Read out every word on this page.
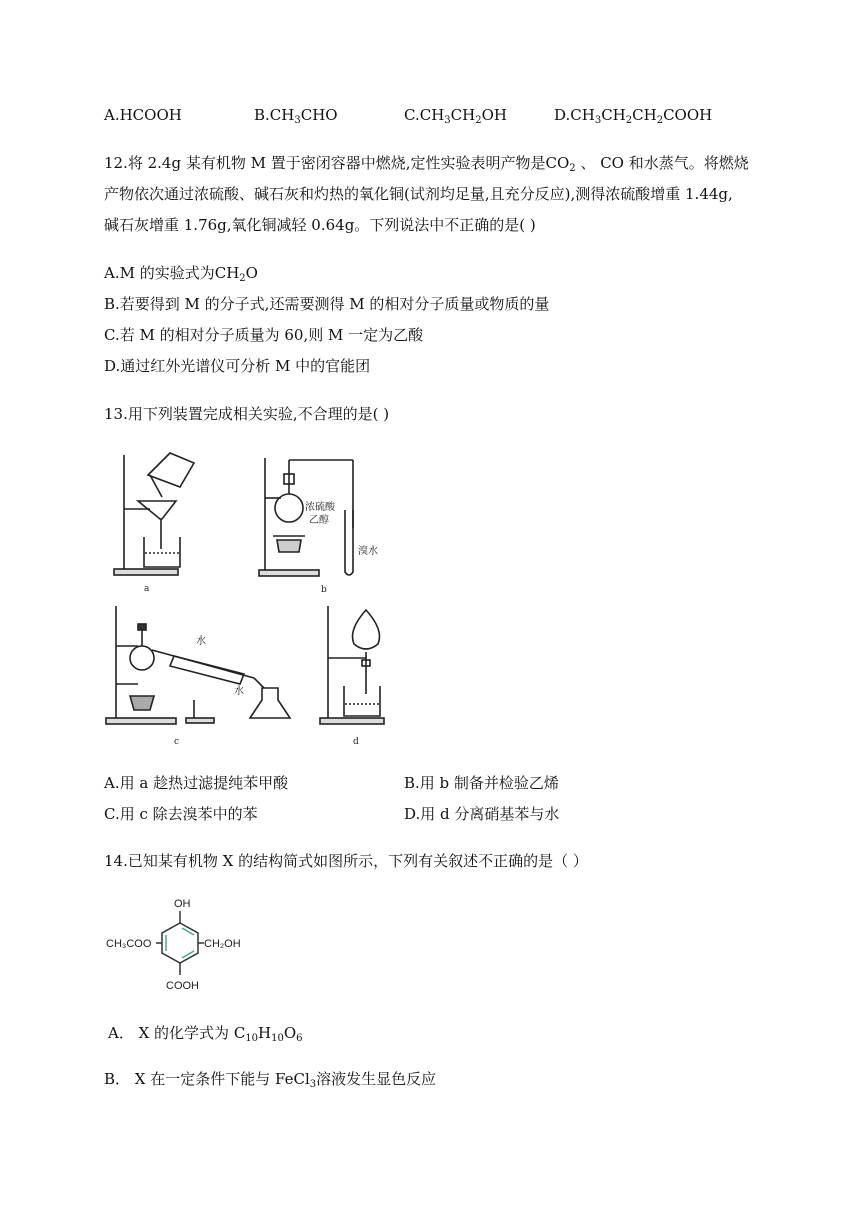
A.HCOOH	$B.CH_3CHO$	$C.CH_3CH_2OH$	$D.CH_3CH_2CH_2COOH$
12.将 2.4g 某有机物 M 置于密闭容器中燃烧,定性实验表明产物是$CO_2$ 、 CO 和水蒸气。将燃烧
产物依次通过浓硫酸、碱石灰和灼热的氧化铜(试剂均足量,且充分反应),测得浓硫酸增重 1.44g,
碱石灰增重 1.76g,氧化铜减轻 0.64g。下列说法中不正确的是( )
A.M 的实验式为$CH_2O$
B.若要得到 M 的分子式,还需要测得 M 的相对分子质量或物质的量
C.若 M 的相对分子质量为 60,则 M 一定为乙酸
D.通过红外光谱仪可分析 M 中的官能团
13.用下列装置完成相关实验,不合理的是( )
a
浓硫酸
乙醇
溴水
b
水
水
c	d
A.用 a 趁热过滤提纯苯甲酸	B.用 b 制备并检验乙烯
C.用 c 除去溴苯中的苯	D.用 d 分离硝基苯与水
14.已知某有机物 X 的结构简式如图所示，下列有关叙述不正确的是（ ）
OH
CH₃COO	CH₂OH
COOH
A． X 的化学式为 $C_{10}H_{10}O_6$
B． X 在一定条件下能与 FeCl$_3$溶液发生显色反应
